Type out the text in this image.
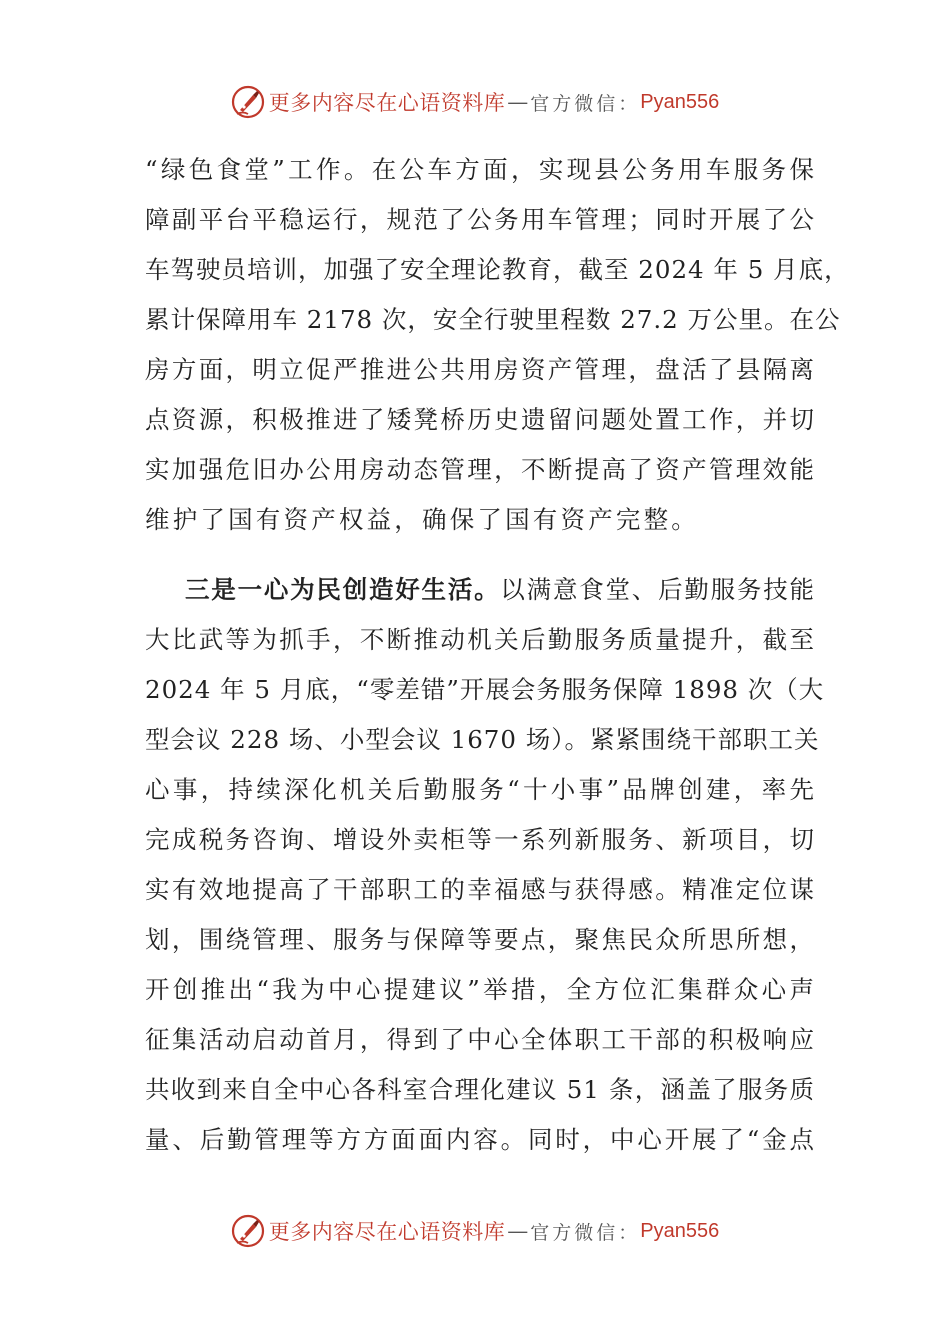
更多内容尽在心语资料库 — 官方微信： Pyan556
“绿色食堂”工作。在公车方面，实现县公务用车服务保
障副平台平稳运行，规范了公务用车管理；同时开展了公
车驾驶员培训，加强了安全理论教育，截至 2024 年 5 月底，
累计保障用车 2178 次，安全行驶里程数 27.2 万公里。在公
房方面，明立促严推进公共用房资产管理，盘活了县隔离
点资源，积极推进了矮凳桥历史遗留问题处置工作，并切
实加强危旧办公用房动态管理，不断提高了资产管理效能
维护了国有资产权益，确保了国有资产完整。
三是一心为民创造好生活。以满意食堂、后勤服务技能
大比武等为抓手，不断推动机关后勤服务质量提升，截至
2024 年 5 月底，“零差错”开展会务服务保障 1898 次（大
型会议 228 场、小型会议 1670 场）。紧紧围绕干部职工关
心事，持续深化机关后勤服务“十小事”品牌创建，率先
完成税务咨询、增设外卖柜等一系列新服务、新项目，切
实有效地提高了干部职工的幸福感与获得感。精准定位谋
划，围绕管理、服务与保障等要点，聚焦民众所思所想，
开创推出“我为中心提建议”举措，全方位汇集群众心声
征集活动启动首月，得到了中心全体职工干部的积极响应
共收到来自全中心各科室合理化建议 51 条，涵盖了服务质
量、后勤管理等方方面面内容。同时，中心开展了“金点
更多内容尽在心语资料库 — 官方微信： Pyan556
